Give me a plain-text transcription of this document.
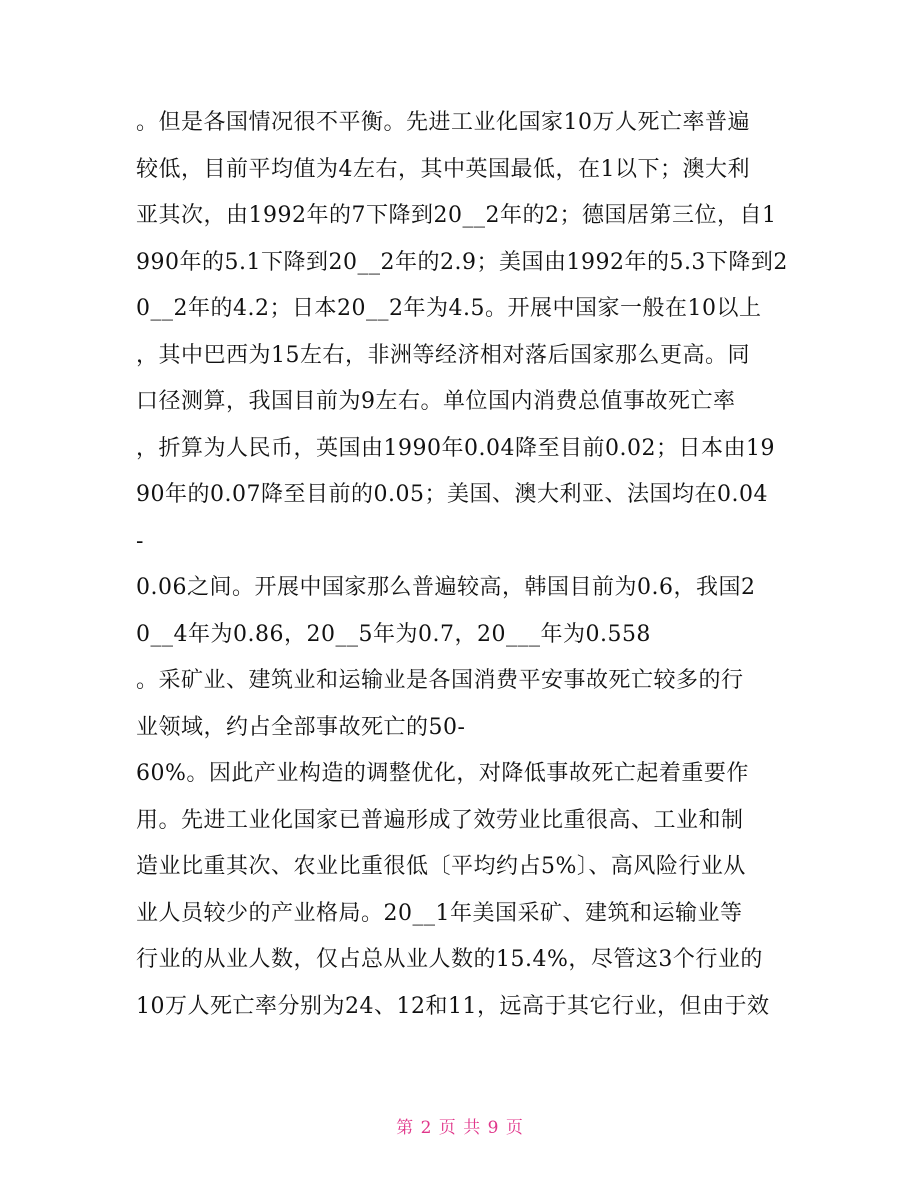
。但是各国情况很不平衡。先进工业化国家10万人死亡率普遍
较低，目前平均值为4左右，其中英国最低，在1以下；澳大利
亚其次，由1992年的7下降到20__2年的2；德国居第三位，自1
990年的5.1下降到20__2年的2.9；美国由1992年的5.3下降到2
0__2年的4.2；日本20__2年为4.5。开展中国家一般在10以上
，其中巴西为15左右，非洲等经济相对落后国家那么更高。同
口径测算，我国目前为9左右。单位国内消费总值事故死亡率
，折算为人民币，英国由1990年0.04降至目前0.02；日本由19
90年的0.07降至目前的0.05；美国、澳大利亚、法国均在0.04
-
0.06之间。开展中国家那么普遍较高，韩国目前为0.6，我国2
0__4年为0.86，20__5年为0.7，20___年为0.558
。采矿业、建筑业和运输业是各国消费平安事故死亡较多的行
业领域，约占全部事故死亡的50-
60%。因此产业构造的调整优化，对降低事故死亡起着重要作
用。先进工业化国家已普遍形成了效劳业比重很高、工业和制
造业比重其次、农业比重很低〔平均约占5%〕、高风险行业从
业人员较少的产业格局。20__1年美国采矿、建筑和运输业等
行业的从业人数，仅占总从业人数的15.4%，尽管这3个行业的
10万人死亡率分别为24、12和11，远高于其它行业，但由于效
第 2 页 共 9 页
